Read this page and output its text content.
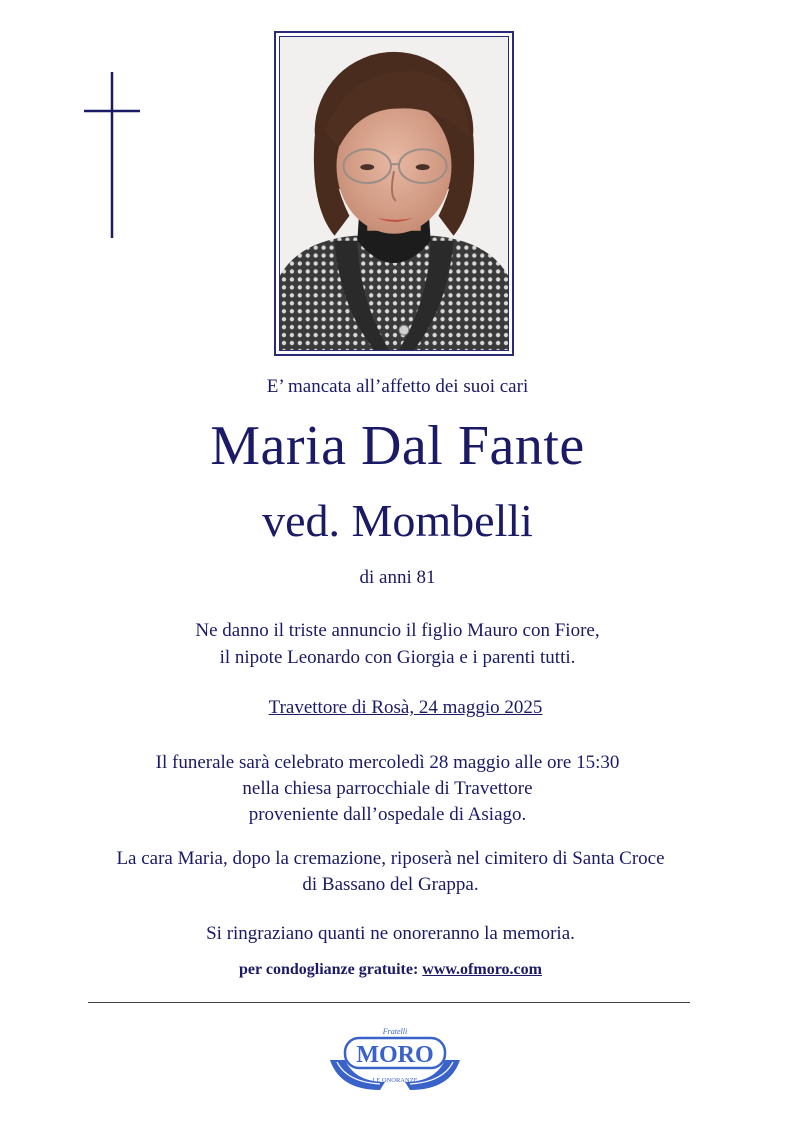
E’ mancata all’affetto dei suoi cari
Maria Dal Fante
ved. Mombelli
di anni 81
Ne danno il triste annuncio il figlio Mauro con Fiore,
il nipote Leonardo con Giorgia e i parenti tutti.
Travettore di Rosà, 24 maggio 2025
Il funerale sarà celebrato mercoledì 28 maggio alle ore 15:30
nella chiesa parrocchiale di Travettore
proveniente dall’ospedale di Asiago.
La cara Maria, dopo la cremazione, riposerà nel cimitero di Santa Croce
di Bassano del Grappa.
Si ringraziano quanti ne onoreranno la memoria.
per condoglianze gratuite: www.ofmoro.com
Fratelli
MORO
LE ONORANZE
